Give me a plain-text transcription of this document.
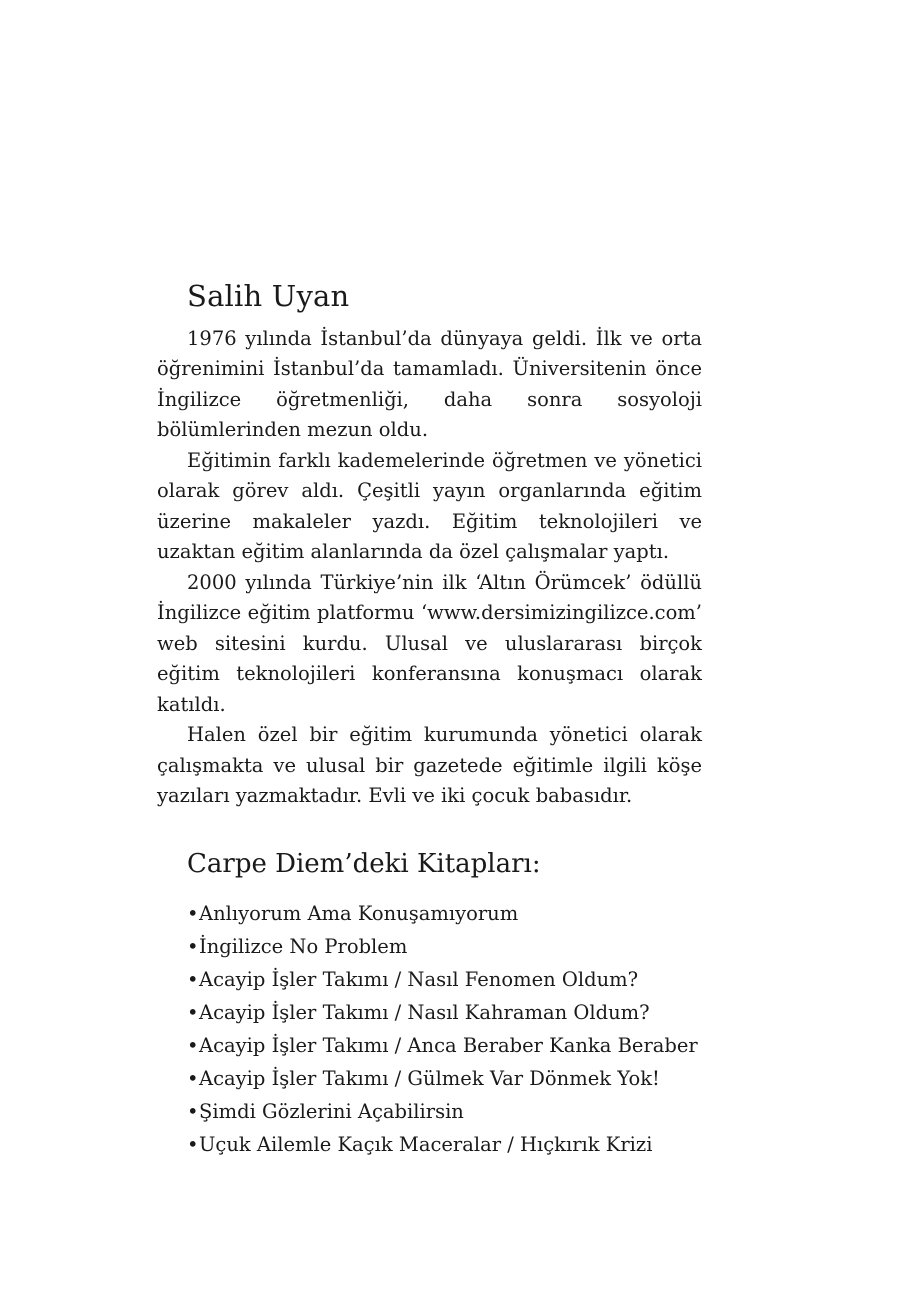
Salih Uyan

1976 yılında İstanbul’da dünyaya geldi. İlk ve orta öğrenimini İstanbul’da tamamladı. Üniversitenin önce İngilizce öğretmenliği, daha sonra sosyoloji bölümlerinden mezun oldu.

Eğitimin farklı kademelerinde öğretmen ve yönetici olarak görev aldı. Çeşitli yayın organlarında eğitim üzerine makaleler yazdı. Eğitim teknolojileri ve uzaktan eğitim alanlarında da özel çalışmalar yaptı.

2000 yılında Türkiye’nin ilk ‘Altın Örümcek’ ödüllü İngilizce eğitim platformu ‘www.dersimizingilizce.com’ web sitesini kurdu. Ulusal ve uluslararası birçok eğitim teknolojileri konferansına konuşmacı olarak katıldı.

Halen özel bir eğitim kurumunda yönetici olarak çalışmakta ve ulusal bir gazetede eğitimle ilgili köşe yazıları yazmaktadır. Evli ve iki çocuk babasıdır.

Carpe Diem’deki Kitapları:
•Anlıyorum Ama Konuşamıyorum
•İngilizce No Problem
•Acayip İşler Takımı / Nasıl Fenomen Oldum?
•Acayip İşler Takımı / Nasıl Kahraman Oldum?
•Acayip İşler Takımı / Anca Beraber Kanka Beraber
•Acayip İşler Takımı / Gülmek Var Dönmek Yok!
•Şimdi Gözlerini Açabilirsin
•Uçuk Ailemle Kaçık Maceralar / Hıçkırık Krizi
